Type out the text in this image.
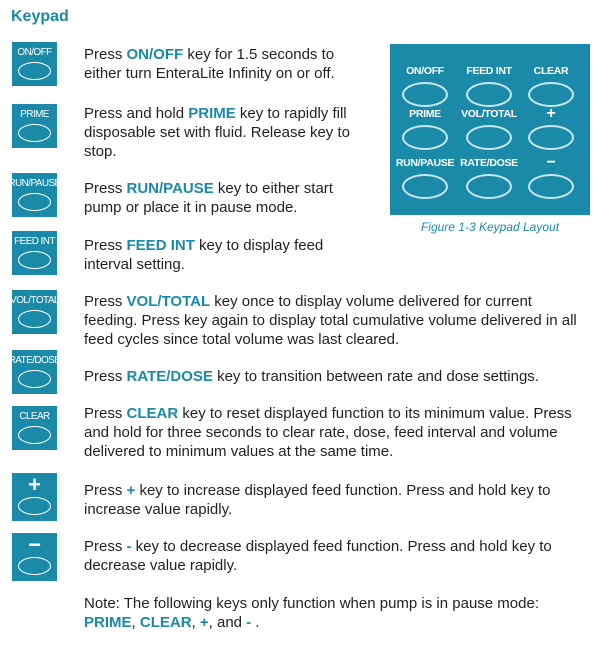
Keypad
ON/OFF Press ON/OFF key for 1.5 seconds to either turn EnteraLite Infinity on or off.
PRIME Press and hold PRIME key to rapidly fill disposable set with fluid. Release key to stop.
RUN/PAUSE Press RUN/PAUSE key to either start pump or place it in pause mode.
FEED INT Press FEED INT key to display feed interval setting.
VOL/TOTAL Press VOL/TOTAL key once to display volume delivered for current feeding. Press key again to display total cumulative volume delivered in all feed cycles since total volume was last cleared.
RATE/DOSE
Press RATE/DOSE key to transition between rate and dose settings.
CLEAR Press CLEAR key to reset displayed function to its minimum value. Press and hold for three seconds to clear rate, dose, feed interval and volume delivered to minimum values at the same time.
+	Press + key to increase displayed feed function. Press and hold key to increase value rapidly.
−	Press - key to decrease displayed feed function. Press and hold key to decrease value rapidly.
Note: The following keys only function when pump is in pause mode: PRIME, CLEAR, +, and - .
ON/OFF FEED INT CLEAR
PRIME VOL/TOTAL +
RUN/PAUSE RATE/DOSE −
Figure 1-3 Keypad Layout
